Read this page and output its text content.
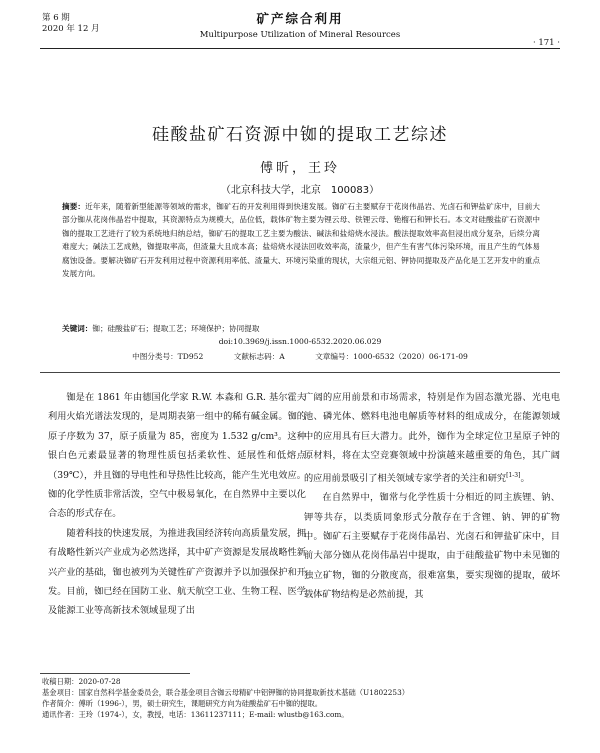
第 6 期
2020 年 12 月
矿产综合利用
Multipurpose Utilization of Mineral Resources
· 171 ·
硅酸盐矿石资源中铷的提取工艺综述
傅昕，王玲
（北京科技大学，北京　100083）
摘要：近年来，随着新型能源等领域的需求，铷矿石的开发利用得到快速发展。铷矿石主要赋存于花岗伟晶岩、光卤石和钾盐矿床中，目前大部分铷从花岗伟晶岩中提取，其资源特点为规模大，品位低，载体矿物主要为锂云母、铁锂云母、铯榴石和钾长石。本文对硅酸盐矿石资源中铷的提取工艺进行了较为系统地归纳总结，铷矿石的提取工艺主要为酸法、碱法和盐焙烧水浸法。酸法提取效率高但浸出成分复杂，后续分离难度大；碱法工艺成熟，铷提取率高，但渣量大且成本高；盐焙烧水浸法回收效率高，渣量少，但产生有害气体污染环境，而且产生的气体易腐蚀设备。要解决铷矿石开发利用过程中资源利用率低、渣量大、环境污染重的现状，大宗组元铝、钾协同提取及产品化是工艺开发中的重点发展方向。
关键词：铷；硅酸盐矿石；提取工艺；环境保护；协同提取
doi:10.3969/j.issn.1000-6532.2020.06.029
中图分类号：TD952	文献标志码：A	文章编号：1000-6532（2020）06-171-09

铷是在 1861 年由德国化学家 R.W. 本森和 G.R. 基尔霍夫利用火焰光谱法发现的，是周期表第一组中的稀有碱金属。铷的原子序数为 37，原子质量为 85，密度为 1.532 g/cm³。这种银白色元素最显著的物理性质包括柔软性、延展性和低熔点（39℃），并且铷的导电性和导热性比较高，能产生光电效应。铷的化学性质非常活泼，空气中极易氧化，在自然界中主要以化合态的形式存在。

随着科技的快速发展，为推进我国经济转向高质量发展，拥有战略性新兴产业成为必然选择，其中矿产资源是发展战略性新兴产业的基础，铷也被列为关键性矿产资源并予以加强保护和开发。目前，铷已经在国防工业、航天航空工业、生物工程、医学及能源工业等高新技术领域显现了出

广阔的应用前景和市场需求，特别是作为固态激光器、光电电池、磷光体、燃料电池电解质等材料的组成成分，在能源领域中的应用具有巨大潜力。此外，铷作为全球定位卫星原子钟的原材料，将在太空竞赛领域中扮演越来越重要的角色，其广阔的应用前景吸引了相关领域专家学者的关注和研究[1-3]。

在自然界中，铷常与化学性质十分相近的同主族锂、钠、钾等共存，以类质同象形式分散存在于含锂、钠、钾的矿物中。铷矿石主要赋存于花岗伟晶岩、光卤石和钾盐矿床中，目前大部分铷从花岗伟晶岩中提取，由于硅酸盐矿物中未见铷的独立矿物，铷的分散度高，很难富集，要实现铷的提取，破坏载体矿物结构是必然前提，其

收稿日期：2020-07-28
基金项目：国家自然科学基金委员会，联合基金项目含铷云母精矿中铝钾铷的协同提取新技术基础（U1802253）
作者简介：傅昕（1996-），男，硕士研究生，课题研究方向为硅酸盐矿石中铷的提取。
通讯作者：王玲（1974-），女，教授，电话：13611237111；E-mail: wlustb@163.com。
